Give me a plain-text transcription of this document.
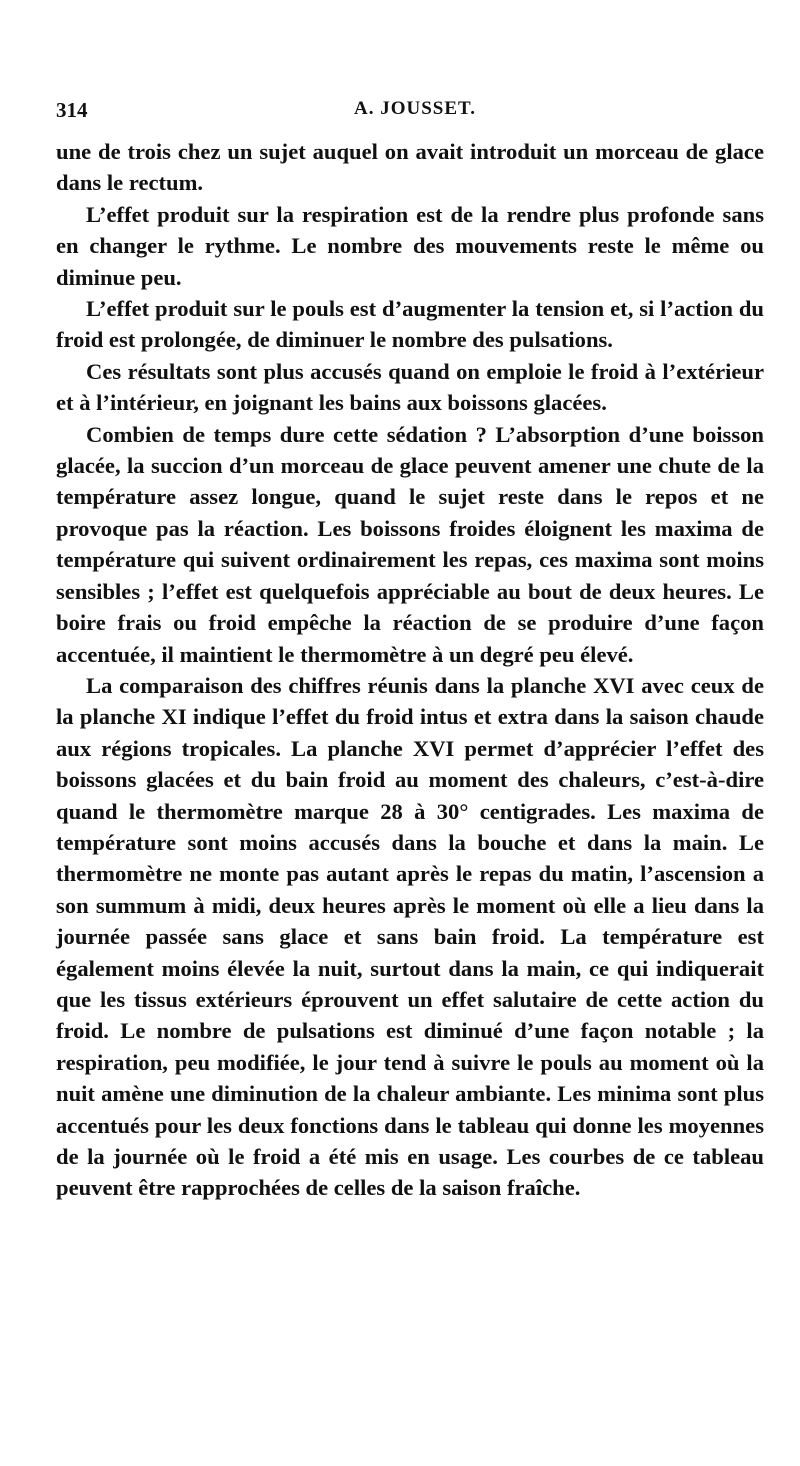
314	A. JOUSSET.

une de trois chez un sujet auquel on avait introduit un morceau de glace dans le rectum.

L’effet produit sur la respiration est de la rendre plus profonde sans en changer le rythme. Le nombre des mouvements reste le même ou diminue peu.

L’effet produit sur le pouls est d’augmenter la tension et, si l’action du froid est prolongée, de diminuer le nombre des pulsations.

Ces résultats sont plus accusés quand on emploie le froid à l’extérieur et à l’intérieur, en joignant les bains aux boissons glacées.

Combien de temps dure cette sédation ? L’absorption d’une boisson glacée, la succion d’un morceau de glace peuvent amener une chute de la température assez longue, quand le sujet reste dans le repos et ne provoque pas la réaction. Les boissons froides éloignent les maxima de température qui suivent ordinairement les repas, ces maxima sont moins sensibles ; l’effet est quelquefois appréciable au bout de deux heures. Le boire frais ou froid empêche la réaction de se produire d’une façon accentuée, il maintient le thermomètre à un degré peu élevé.

La comparaison des chiffres réunis dans la planche XVI avec ceux de la planche XI indique l’effet du froid intus et extra dans la saison chaude aux régions tropicales. La planche XVI permet d’apprécier l’effet des boissons glacées et du bain froid au moment des chaleurs, c’est-à-dire quand le thermomètre marque 28 à 30° centigrades. Les maxima de température sont moins accusés dans la bouche et dans la main. Le thermomètre ne monte pas autant après le repas du matin, l’ascension a son summum à midi, deux heures après le moment où elle a lieu dans la journée passée sans glace et sans bain froid. La température est également moins élevée la nuit, surtout dans la main, ce qui indiquerait que les tissus extérieurs éprouvent un effet salutaire de cette action du froid. Le nombre de pulsations est diminué d’une façon notable ; la respiration, peu modifiée, le jour tend à suivre le pouls au moment où la nuit amène une diminution de la chaleur ambiante. Les minima sont plus accentués pour les deux fonctions dans le tableau qui donne les moyennes de la journée où le froid a été mis en usage. Les courbes de ce tableau peuvent être rapprochées de celles de la saison fraîche.
